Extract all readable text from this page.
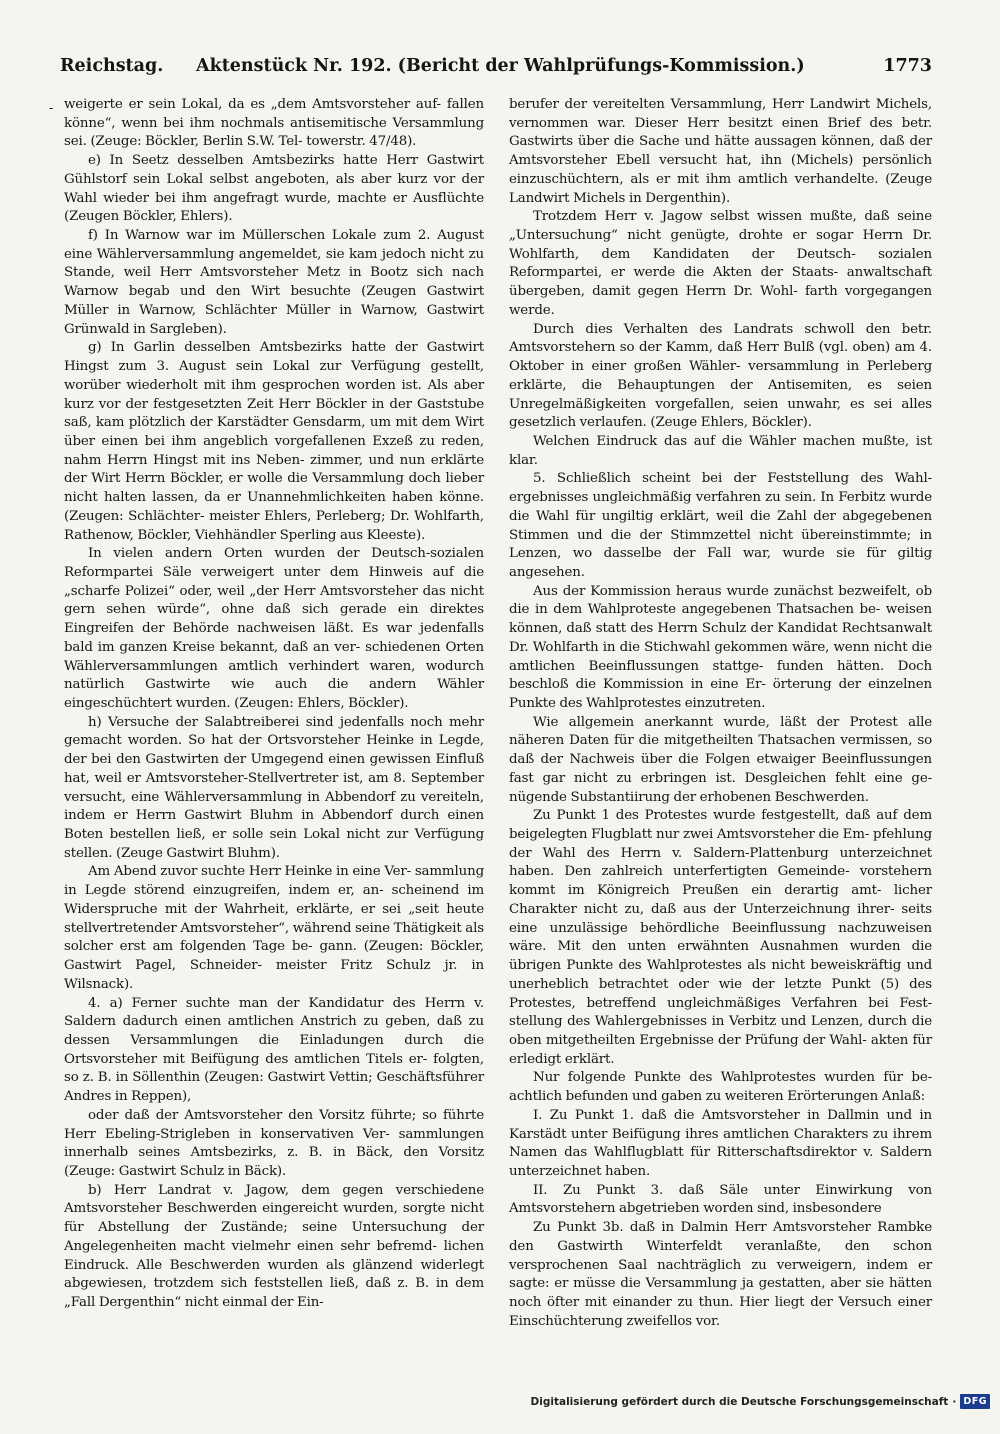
Reichstag. Aktenstück Nr. 192. (Bericht der Wahlprüfungs-Kommission.)	1773
- weigerte er sein Lokal, da es „dem Amtsvorsteher auf- fallen könne“, wenn bei ihm nochmals antisemitische Versammlung sei. (Zeuge: Böckler, Berlin S.W. Tel- towerstr. 47/48).

e) In Seetz desselben Amtsbezirks hatte Herr Gastwirt Gühlstorf sein Lokal selbst angeboten, als aber kurz vor der Wahl wieder bei ihm angefragt wurde, machte er Ausflüchte (Zeugen Böckler, Ehlers).

f) In Warnow war im Müllerschen Lokale zum 2. August eine Wählerversammlung angemeldet, sie kam jedoch nicht zu Stande, weil Herr Amtsvorsteher Metz in Bootz sich nach Warnow begab und den Wirt besuchte (Zeugen Gastwirt Müller in Warnow, Schlächter Müller in Warnow, Gastwirt Grünwald in Sargleben).

g) In Garlin desselben Amtsbezirks hatte der Gastwirt Hingst zum 3. August sein Lokal zur Verfügung gestellt, worüber wiederholt mit ihm gesprochen worden ist. Als aber kurz vor der festgesetzten Zeit Herr Böckler in der Gaststube saß, kam plötzlich der Karstädter Gensdarm, um mit dem Wirt über einen bei ihm angeblich vorgefallenen Exzeß zu reden, nahm Herrn Hingst mit ins Neben- zimmer, und nun erklärte der Wirt Herrn Böckler, er wolle die Versammlung doch lieber nicht halten lassen, da er Unannehmlichkeiten haben könne. (Zeugen: Schlächter- meister Ehlers, Perleberg; Dr. Wohlfarth, Rathenow, Böckler, Viehhändler Sperling aus Kleeste).

In vielen andern Orten wurden der Deutsch-sozialen Reformpartei Säle verweigert unter dem Hinweis auf die „scharfe Polizei“ oder, weil „der Herr Amtsvorsteher das nicht gern sehen würde“, ohne daß sich gerade ein direktes Eingreifen der Behörde nachweisen läßt. Es war jedenfalls bald im ganzen Kreise bekannt, daß an ver- schiedenen Orten Wählerversammlungen amtlich verhindert waren, wodurch natürlich Gastwirte wie auch die andern Wähler eingeschüchtert wurden. (Zeugen: Ehlers, Böckler).

h) Versuche der Salabtreiberei sind jedenfalls noch mehr gemacht worden. So hat der Ortsvorsteher Heinke in Legde, der bei den Gastwirten der Umgegend einen gewissen Einfluß hat, weil er Amtsvorsteher-Stellvertreter ist, am 8. September versucht, eine Wählerversammlung in Abbendorf zu vereiteln, indem er Herrn Gastwirt Bluhm in Abbendorf durch einen Boten bestellen ließ, er solle sein Lokal nicht zur Verfügung stellen. (Zeuge Gastwirt Bluhm).

Am Abend zuvor suchte Herr Heinke in eine Ver- sammlung in Legde störend einzugreifen, indem er, an- scheinend im Widerspruche mit der Wahrheit, erklärte, er sei „seit heute stellvertretender Amtsvorsteher“, während seine Thätigkeit als solcher erst am folgenden Tage be- gann. (Zeugen: Böckler, Gastwirt Pagel, Schneider- meister Fritz Schulz jr. in Wilsnack).

4. a) Ferner suchte man der Kandidatur des Herrn v. Saldern dadurch einen amtlichen Anstrich zu geben, daß zu dessen Versammlungen die Einladungen durch die Ortsvorsteher mit Beifügung des amtlichen Titels er- folgten, so z. B. in Söllenthin (Zeugen: Gastwirt Vettin; Geschäftsführer Andres in Reppen),

oder daß der Amtsvorsteher den Vorsitz führte; so führte Herr Ebeling-Strigleben in konservativen Ver- sammlungen innerhalb seines Amtsbezirks, z. B. in Bäck, den Vorsitz (Zeuge: Gastwirt Schulz in Bäck).

b) Herr Landrat v. Jagow, dem gegen verschiedene Amtsvorsteher Beschwerden eingereicht wurden, sorgte nicht für Abstellung der Zustände; seine Untersuchung der Angelegenheiten macht vielmehr einen sehr befremd- lichen Eindruck. Alle Beschwerden wurden als glänzend widerlegt abgewiesen, trotzdem sich feststellen ließ, daß z. B. in dem „Fall Dergenthin“ nicht einmal der Ein-

berufer der vereitelten Versammlung, Herr Landwirt Michels, vernommen war. Dieser Herr besitzt einen Brief des betr. Gastwirts über die Sache und hätte aussagen können, daß der Amtsvorsteher Ebell versucht hat, ihn (Michels) persönlich einzuschüchtern, als er mit ihm amtlich verhandelte. (Zeuge Landwirt Michels in Dergenthin).

Trotzdem Herr v. Jagow selbst wissen mußte, daß seine „Untersuchung“ nicht genügte, drohte er sogar Herrn Dr. Wohlfarth, dem Kandidaten der Deutsch- sozialen Reformpartei, er werde die Akten der Staats- anwaltschaft übergeben, damit gegen Herrn Dr. Wohl- farth vorgegangen werde.

Durch dies Verhalten des Landrats schwoll den betr. Amtsvorstehern so der Kamm, daß Herr Bulß (vgl. oben) am 4. Oktober in einer großen Wähler- versammlung in Perleberg erklärte, die Behauptungen der Antisemiten, es seien Unregelmäßigkeiten vorgefallen, seien unwahr, es sei alles gesetzlich verlaufen. (Zeuge Ehlers, Böckler).

Welchen Eindruck das auf die Wähler machen mußte, ist klar.

5. Schließlich scheint bei der Feststellung des Wahl- ergebnisses ungleichmäßig verfahren zu sein. In Ferbitz wurde die Wahl für ungiltig erklärt, weil die Zahl der abgegebenen Stimmen und die der Stimmzettel nicht übereinstimmte; in Lenzen, wo dasselbe der Fall war, wurde sie für giltig angesehen.

Aus der Kommission heraus wurde zunächst bezweifelt, ob die in dem Wahlproteste angegebenen Thatsachen be- weisen können, daß statt des Herrn Schulz der Kandidat Rechtsanwalt Dr. Wohlfarth in die Stichwahl gekommen wäre, wenn nicht die amtlichen Beeinflussungen stattge- funden hätten. Doch beschloß die Kommission in eine Er- örterung der einzelnen Punkte des Wahlprotestes einzutreten.

Wie allgemein anerkannt wurde, läßt der Protest alle näheren Daten für die mitgetheilten Thatsachen vermissen, so daß der Nachweis über die Folgen etwaiger Beeinflussungen fast gar nicht zu erbringen ist. Desgleichen fehlt eine ge- nügende Substantiirung der erhobenen Beschwerden.

Zu Punkt 1 des Protestes wurde festgestellt, daß auf dem beigelegten Flugblatt nur zwei Amtsvorsteher die Em- pfehlung der Wahl des Herrn v. Saldern-Plattenburg unterzeichnet haben. Den zahlreich unterfertigten Gemeinde- vorstehern kommt im Königreich Preußen ein derartig amt- licher Charakter nicht zu, daß aus der Unterzeichnung ihrer- seits eine unzulässige behördliche Beeinflussung nachzuweisen wäre. Mit den unten erwähnten Ausnahmen wurden die übrigen Punkte des Wahlprotestes als nicht beweiskräftig und unerheblich betrachtet oder wie der letzte Punkt (5) des Protestes, betreffend ungleichmäßiges Verfahren bei Fest- stellung des Wahlergebnisses in Verbitz und Lenzen, durch die oben mitgetheilten Ergebnisse der Prüfung der Wahl- akten für erledigt erklärt.

Nur folgende Punkte des Wahlprotestes wurden für be- achtlich befunden und gaben zu weiteren Erörterungen Anlaß:

I. Zu Punkt 1. daß die Amtsvorsteher in Dallmin und in Karstädt unter Beifügung ihres amtlichen Charakters zu ihrem Namen das Wahlflugblatt für Ritterschaftsdirektor v. Saldern unterzeichnet haben.

II. Zu Punkt 3. daß Säle unter Einwirkung von Amtsvorstehern abgetrieben worden sind, insbesondere

Zu Punkt 3b. daß in Dalmin Herr Amtsvorsteher Rambke den Gastwirth Winterfeldt veranlaßte, den schon versprochenen Saal nachträglich zu verweigern, indem er sagte: er müsse die Versammlung ja gestatten, aber sie hätten noch öfter mit einander zu thun. Hier liegt der Versuch einer Einschüchterung zweifellos vor.

Digitalisierung gefördert durch die Deutsche Forschungsgemeinschaft · DFG
